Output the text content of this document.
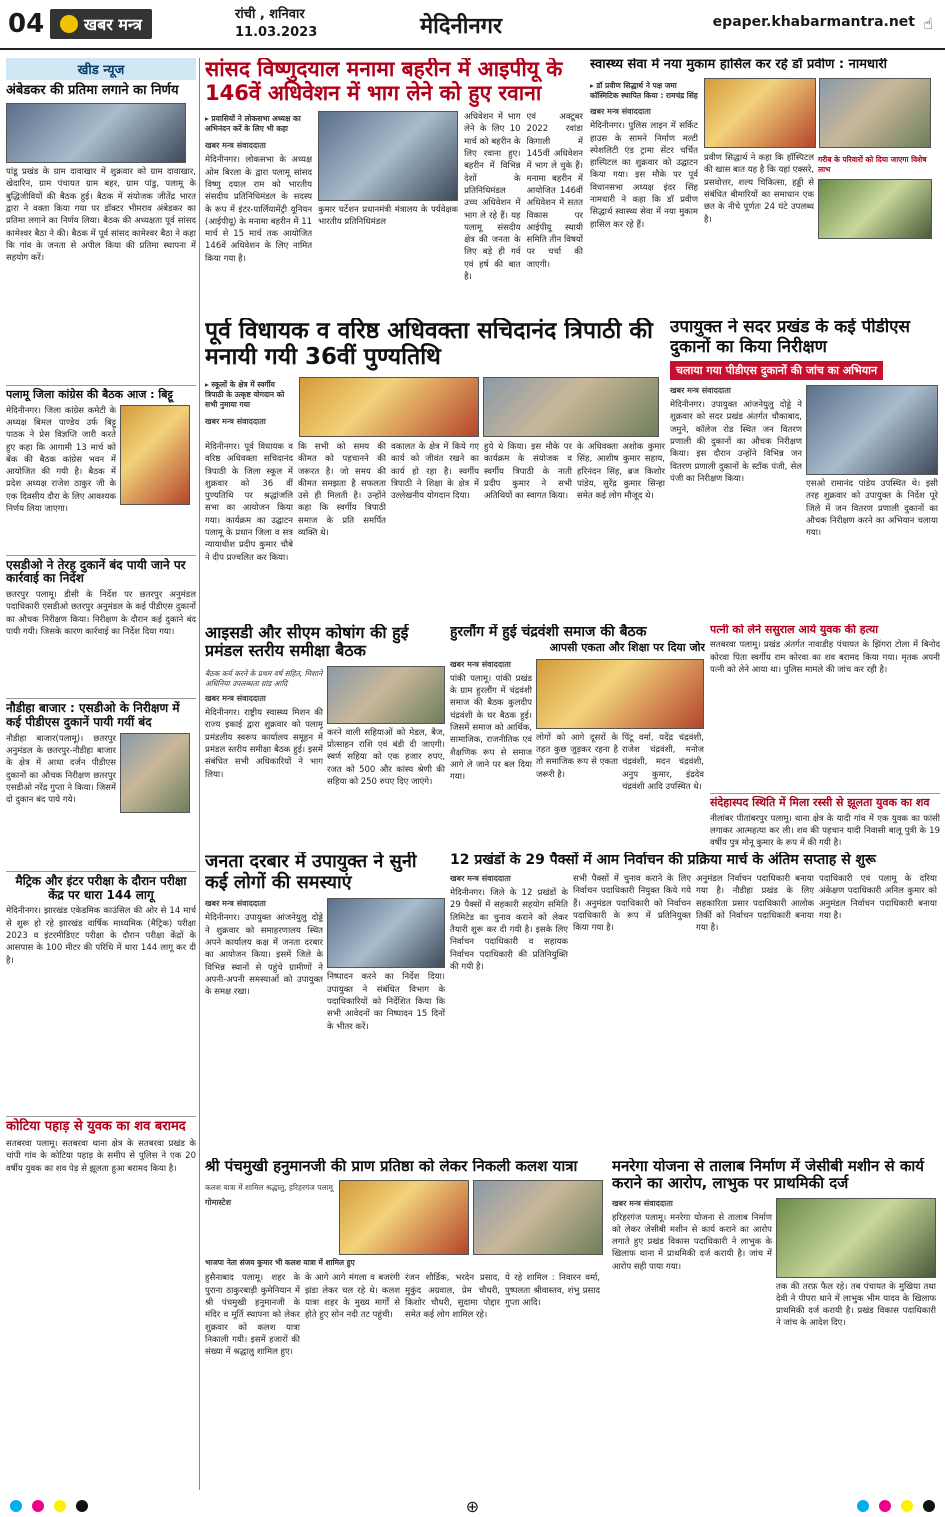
04	खबर मन्त्र
रांची , शनिवार
11.03.2023	मेदिनीनगर	epaper.khabarmantra.net ☝
खीड न्यूज
अंबेडकर की प्रतिमा लगाने का निर्णय
पांडू प्रखंड के ग्राम दावाखार में शुक्रवार को ग्राम दावाखार, खेदारिन, ग्राम पंचायत ग्राम बहर, ग्राम पांडु, पलामू के बुद्धिजीवियों की बैठक हुई। बैठक में संयोजक जीतेंद्र भारत द्वारा ने वक्ता किया गया पर डॉक्टर भीमराव अंबेडकर का प्रतिमा लगाने का निर्णय लिया। बैठक की अध्यक्षता पूर्व सांसद कामेश्वर बैठा ने की। बैठक में पूर्व सांसद कामेश्वर बैठा ने कहा कि गांव के जनता से अपील किया की प्रतिमा स्थापना में सहयोग करें।
पलामू जिला कांग्रेस की बैठक आज : बिट्टू
मेदिनीनगर। जिला कांग्रेस कमेटी के अध्यक्ष बिमल पाण्डेय उर्फ बिट्टू पाठक ने प्रेस विज्ञप्ति जारी करते हुए कहा कि आगामी 13 मार्च को बेंक की बैठक कांग्रेस भवन में आयोजित की गयी है। बैठक में प्रदेश अध्यक्ष राजेश ठाकुर जी के एक दिवसीय दौरा के लिए आवश्यक निर्णय लिया जाएगा।
एसडीओ ने तेरह दुकानें बंद पायी जाने पर कार्रवाई का निर्देश
छतरपुर पलामू। डीसी के निर्देश पर छतरपुर अनुमंडल पदाधिकारी एसडीओ छतरपुर अनुमंडल के कई पीडीएस दुकानों का औचक निरीक्षण किया। निरीक्षण के दौरान कई दुकाने बंद पायी गयी। जिसके कारण कार्रवाई का निर्देश दिया गया।
नौडीहा बाजार : एसडीओ के निरीक्षण में कई पीडीएस दुकानें पायी गयीं बंद
नौडीहा बाजार(पलामू)। छतरपुर अनुमंडल के छतरपुर-नौडीहा बाजार के क्षेत्र में आधा दर्जन पीडीएस दुकानों का औचक निरीक्षण छतरपुर एसडीओ नरेंद्र गुप्ता ने किया। जिसमें दो दुकान बंद पाये गये।
मैट्रिक और इंटर परीक्षा के दौरान परीक्षा केंद्र पर धारा 144 लागू
मेदिनीनगर। झारखंड एकेडमिक काउंसिल की ओर से 14 मार्च से शुरू हो रहे झारखंड वार्षिक माध्यमिक (मैट्रिक) परीक्षा 2023 व इंटरमीडिएट परीक्षा के दौरान परीक्षा केंद्रों के आसपास के 100 मीटर की परिधि में धारा 144 लागू कर दी है।
कोटिया पहाड़ से युवक का शव बरामद
सतबरवा पलामू। सतबरवा थाना क्षेत्र के सतबरवा प्रखंड के चांपी गांव के कोटिया पहाड़ के समीप से पुलिस ने एक 20 वर्षीय युवक का शव पेड़ से झूलता हुआ बरामद किया है।
सांसद विष्णुदयाल मनामा बहरीन में आइपीयू के 146वें अधिवेशन में भाग लेने को हुए रवाना
▸ प्रवासियों ने लोकसभा अध्यक्ष का अभिनंदन करें के लिए भी कहा
खबर मन्त्र संवाददाता
मेदिनीनगर। लोकसभा के अध्यक्ष ओम बिरला के द्वारा पलामू सांसद विष्णु दयाल राम को भारतीय संसदीय प्रतिनिधिमंडल के सदस्य के रूप में इंटर-पार्लियामेंट्री यूनियन (आईपीयू) के मनामा बहरीन में 11 मार्च से 15 मार्च तक आयोजित 146वें अधिवेशन के लिए नामित किया गया है।
कुमार घर्टेशन प्रधानमंत्री मंत्रालय के पर्यवेक्षक भारतीय प्रतिनिधिमंडल
अधिवेशन में भाग लेने के लिए 10 मार्च को बहरीन के लिए रवाना हुए। बहरीन में विभिन्न देशों के प्रतिनिधिमंडल उच्च अधिवेशन में भाग ले रहे हैं। यह पलामू संसदीय क्षेत्र की जनता के लिए बड़े ही गर्व एवं हर्ष की बात है।
एवं अक्टूबर 2022 रवांडा किगाली में 145वीं अधिवेशन में भाग ले चुके हैं। मनामा बहरीन में आयोजित 146वीं अधिवेशन में सतत विकास पर आईपीयू स्थायी समिति तीन विषयों पर चर्चा की जाएगी।
स्वास्थ्य सेवा में नया मुकाम हासिल कर रहे डॉ प्रवीण : नामधारी
▸ डॉ प्रवीण सिद्धार्थ ने पक्ष जमा कॉस्मिटिक स्थापित किया : रामचंद्र सिंह
खबर मन्त्र संवाददाता
मेदिनीनगर। पुलिस लाइन में सर्किट हाउस के सामने निर्माण मल्टी स्पेशलिटी एंड ट्रामा सेंटर चर्चित हास्पिटल का शुक्रवार को उद्घाटन किया गया। इस मौके पर पूर्व विधानसभा अध्यक्ष इंदर सिंह नामधारी ने कहा कि डॉ प्रवीण सिद्धार्थ स्वास्थ्य सेवा में नया मुकाम हासिल कर रहे हैं।
प्रवीण सिद्धार्थ ने कहा कि हॉस्पिटल की खास बात यह है कि यहां एक्सरे, प्रसवोत्तर, शल्य चिकित्सा, हड्डी से संबंधित बीमारियों का समाधान एक छत के नीचे पूर्णतः 24 घंटे उपलब्ध है।
गरीब के परिवारों को दिया जाएगा विशेष लाभ
पूर्व विधायक व वरिष्ठ अधिवक्ता सचिदानंद त्रिपाठी की मनायी गयी 36वीं पुण्यतिथि
▸ स्कूलों के क्षेत्र में स्वर्गीय त्रिपाठी के उत्कृष्ट योगदान को सभी नुमाया गया
खबर मन्त्र संवाददाता
मेदिनीनगर। पूर्व विधायक व वरिष्ठ अधिवक्ता सचिदानंद त्रिपाठी के जिला स्कूल में शुक्रवार को 36 वीं पुण्यतिथि पर श्रद्धांजलि सभा का आयोजन किया गया। कार्यक्रम का उद्घाटन पलामू के प्रधान जिला व सत्र न्यायाधीश प्रदीप कुमार चौबे ने दीप प्रज्वलित कर किया।
कि सभी को समय की कीमत को पहचानने की जरूरत है। जो समय की कीमत समझता है सफलता उसे ही मिलती है। उन्होंने कहा कि स्वर्गीय त्रिपाठी समाज के प्रति समर्पित व्यक्ति थे।
वकालत के क्षेत्र में किये गए कार्य को जीवंत रखने का कार्य हो रहा है। स्वर्गीय त्रिपाठी ने शिक्षा के क्षेत्र में उल्लेखनीय योगदान दिया।
हुये थे किया। इस मौके पर कार्यक्रम के संयोजक व स्वर्गीय त्रिपाठी के नाती प्रदीप कुमार ने सभी अतिथियों का स्वागत किया।
के अधिवक्ता अशोक कुमार सिंह, आशीष कुमार सहाय, हरिनंदन सिंह, ब्रज किशोर पांडेय, सुरेंद्र कुमार सिन्हा समेत कई लोग मौजूद थे।
उपायुक्त ने सदर प्रखंड के कई पीडीएस दुकानों का किया निरीक्षण
चलाया गया पीडीएस दुकानों की जांच का अभियान
खबर मन्त्र संवाददाता
मेदिनीनगर। उपायुक्त आंजनेयुलु दोड्डे ने शुक्रवार को सदर प्रखंड अंतर्गत चौकाबाद, जमुने, कॉलेज रोड स्थित जन वितरण प्रणाली की दुकानों का औचक निरीक्षण किया। इस दौरान उन्होंने विभिन्न जन वितरण प्रणाली दुकानों के स्टॉक पंजी, सेल पंजी का निरीक्षण किया।
एसओ रामानंद पांडेय उपस्थित थे। इसी तरह शुक्रवार को उपायुक्त के निर्देश पूरे जिले में जन वितरण प्रणाली दुकानों का औचक निरीक्षण करने का अभियान चलाया गया।
आइसडी और सीएम कोषांग की हुई प्रमंडल स्तरीय समीक्षा बैठक
बैठक कर्य करने के प्रथम वर्ष सहित, मिशाने अधिनिया उपलब्धता ग्रांड आदि
खबर मन्त्र संवाददाता
मेदिनीनगर। राष्ट्रीय स्वास्थ्य मिशन की राज्य इकाई द्वारा शुक्रवार को पलामू प्रमंडलीय स्वरूप कार्यालय समूहन में प्रमंडल स्तरीय समीक्षा बैठक हुई। इसमें संबंधित सभी अधिकारियों ने भाग लिया।
करने वाली सहियाओं को मेडल, बैज, प्रोत्साहन राशि एवं बंडी दी जाएगी। स्वर्ण सहिया को एक हजार रुपए, रजत को 500 और कांस्य श्रेणी की सहिया को 250 रुपए दिए जाएंगे।
हुरलौंग में हुई चंद्रवंशी समाज की बैठक
आपसी एकता और शिक्षा पर दिया जोर
खबर मन्त्र संवाददाता
पांकी पलामू। पांकी प्रखंड के ग्राम हुरलौंग में चंद्रवंशी समाज की बैठक कुलदीप चंद्रवंशी के घर बैठक हुई। जिसमें समाज को आर्थिक, सामाजिक, राजनीतिक एवं शैक्षणिक रूप से समाज आगे ले जाने पर बल दिया गया।
लोगों को आगे दूसरों के तहत कुछ जुड़कर रहना है तो समाजिक रूप से एकता जरूरी है।
पिंटू वर्मा, यदेंद्र चंद्रवंशी, राजेश चंद्रवंशी, मनोज चंद्रवंशी, मदन चंद्रवंशी, अनुप कुमार, इंद्रदेव चंद्रवंशी आदि उपस्थित थे।
पत्नी को लेने ससुराल आये युवक की हत्या
सतबरवा पलामू। प्रखंड अंतर्गत नावाडीह पंचायत के झिंगरा टोला में बिनोद कोरवा पिता स्वर्गीय राम कोरवा का शव बरामद किया गया। मृतक अपनी पत्नी को लेने आया था। पुलिस मामले की जांच कर रही है।
संदेहास्पद स्थिति में मिला रस्सी से झूलता युवक का शव
नीलांबर पीतांबरपुर पलामू। थाना क्षेत्र के यादी गांव में एक युवक का फांसी लगाकर आत्महत्या कर ली। शव की पहचान यादी निवासी बालू पुत्री के 19 वर्षीय पुत्र मोनू कुमार के रूप में की गयी है।
जनता दरबार में उपायुक्त ने सुनी कई लोगों की समस्याएं
खबर मन्त्र संवाददाता
मेदिनीनगर। उपायुक्त आंजनेयुलु दोड्डे ने शुक्रवार को समाहरणालय स्थित अपने कार्यालय कक्ष में जनता दरबार का आयोजन किया। इसमें जिले के विभिन्न स्थानों से पहुंचे ग्रामीणों ने अपनी-अपनी समस्याओं को उपायुक्त के समक्ष रखा।
निष्पादन करने का निर्देश दिया। उपायुक्त ने संबंधित विभाग के पदाधिकारियों को निर्देशित किया कि सभी आवेदनों का निष्पादन 15 दिनों के भीतर करें।
12 प्रखंडों के 29 पैक्सों में आम निर्वाचन की प्रक्रिया मार्च के अंतिम सप्ताह से शुरू
खबर मन्त्र संवाददाता
मेदिनीनगर। जिले के 12 प्रखंडों के 29 पैक्सों में सहकारी सहयोग समिति लिमिटेड का चुनाव कराने को लेकर तैयारी शुरू कर दी गयी है। इसके लिए निर्वाचन पदाधिकारी व सहायक निर्वाचन पदाधिकारी की प्रतिनियुक्ति की गयी है।
सभी पैक्सों में चुनाव कराने के लिए निर्वाचन पदाधिकारी नियुक्त किये गये हैं। अनुमंडल पदाधिकारी को निर्वाचन पदाधिकारी के रूप में प्रतिनियुक्त किया गया है।
अनुमंडल निर्वाचन पदाधिकारी बनाया गया है। नौडीहा प्रखंड के लिए सहकारिता प्रसार पदाधिकारी आलोक तिर्की को निर्वाचन पदाधिकारी बनाया गया है।
पदाधिकारी एवं पलामू के दरिया अंकेक्षण पदाधिकारी अनिल कुमार को अनुमंडल निर्वाचन पदाधिकारी बनाया गया है।
श्री पंचमुखी हनुमानजी की प्राण प्रतिष्ठा को लेकर निकली कलश यात्रा
कलश यात्रा में शामिल श्रद्धालु, हरिहरगंज पलामू
गोमास्टेश
भाजपा नेता संजय कुमार भी कलश यात्रा में शामिल हुए
हुसैनाबाद पलामू। शहर के पुराना ठाकुरबाड़ी कुमेनियान में श्री पंचमुखी हनुमानजी के मंदिर व मूर्ति स्थापना को लेकर शुक्रवार को कलश यात्रा निकाली गयी। इसमें हजारों की संख्या में श्रद्धालु शामिल हुए।
के आगे आगे मंगला व बजरंगी झंडा लेकर चल रहे थे। कलश यात्रा शहर के मुख्य मार्गों से होते हुए सोन नदी तट पहुंची।
रंजन शौर्डिक, भरदेन प्रसाद, मुकुंद अग्रवाल, प्रेम चौधरी, किशोर चौधरी, सुदामा पोद्दार समेत कई लोग शामिल रहे।
ये रहे शामिल : निवारन वर्मा, पुष्पलता श्रीवास्तव, शंभु प्रसाद गुप्ता आदि।
मनरेगा योजना से तालाब निर्माण में जेसीबी मशीन से कार्य कराने का आरोप, लाभुक पर प्राथमिकी दर्ज
खबर मन्त्र संवाददाता
हरिहरगंज पलामू। मनरेगा योजना से तालाब निर्माण को लेकर जेसीबी मशीन से कार्य कराने का आरोप लगाते हुए प्रखंड विकास पदाधिकारी ने लाभुक के खिलाफ थाना में प्राथमिकी दर्ज करायी है। जांच में आरोप सही पाया गया।
तक की तरफ़ फैल रहे। तब पंचायत के मुखिया तथा देवी ने पीपरा थाने में लाभुक भीम यादव के खिलाफ प्राथमिकी दर्ज करायी है। प्रखंड विकास पदाधिकारी ने जांच के आदेश दिए।
⊕
